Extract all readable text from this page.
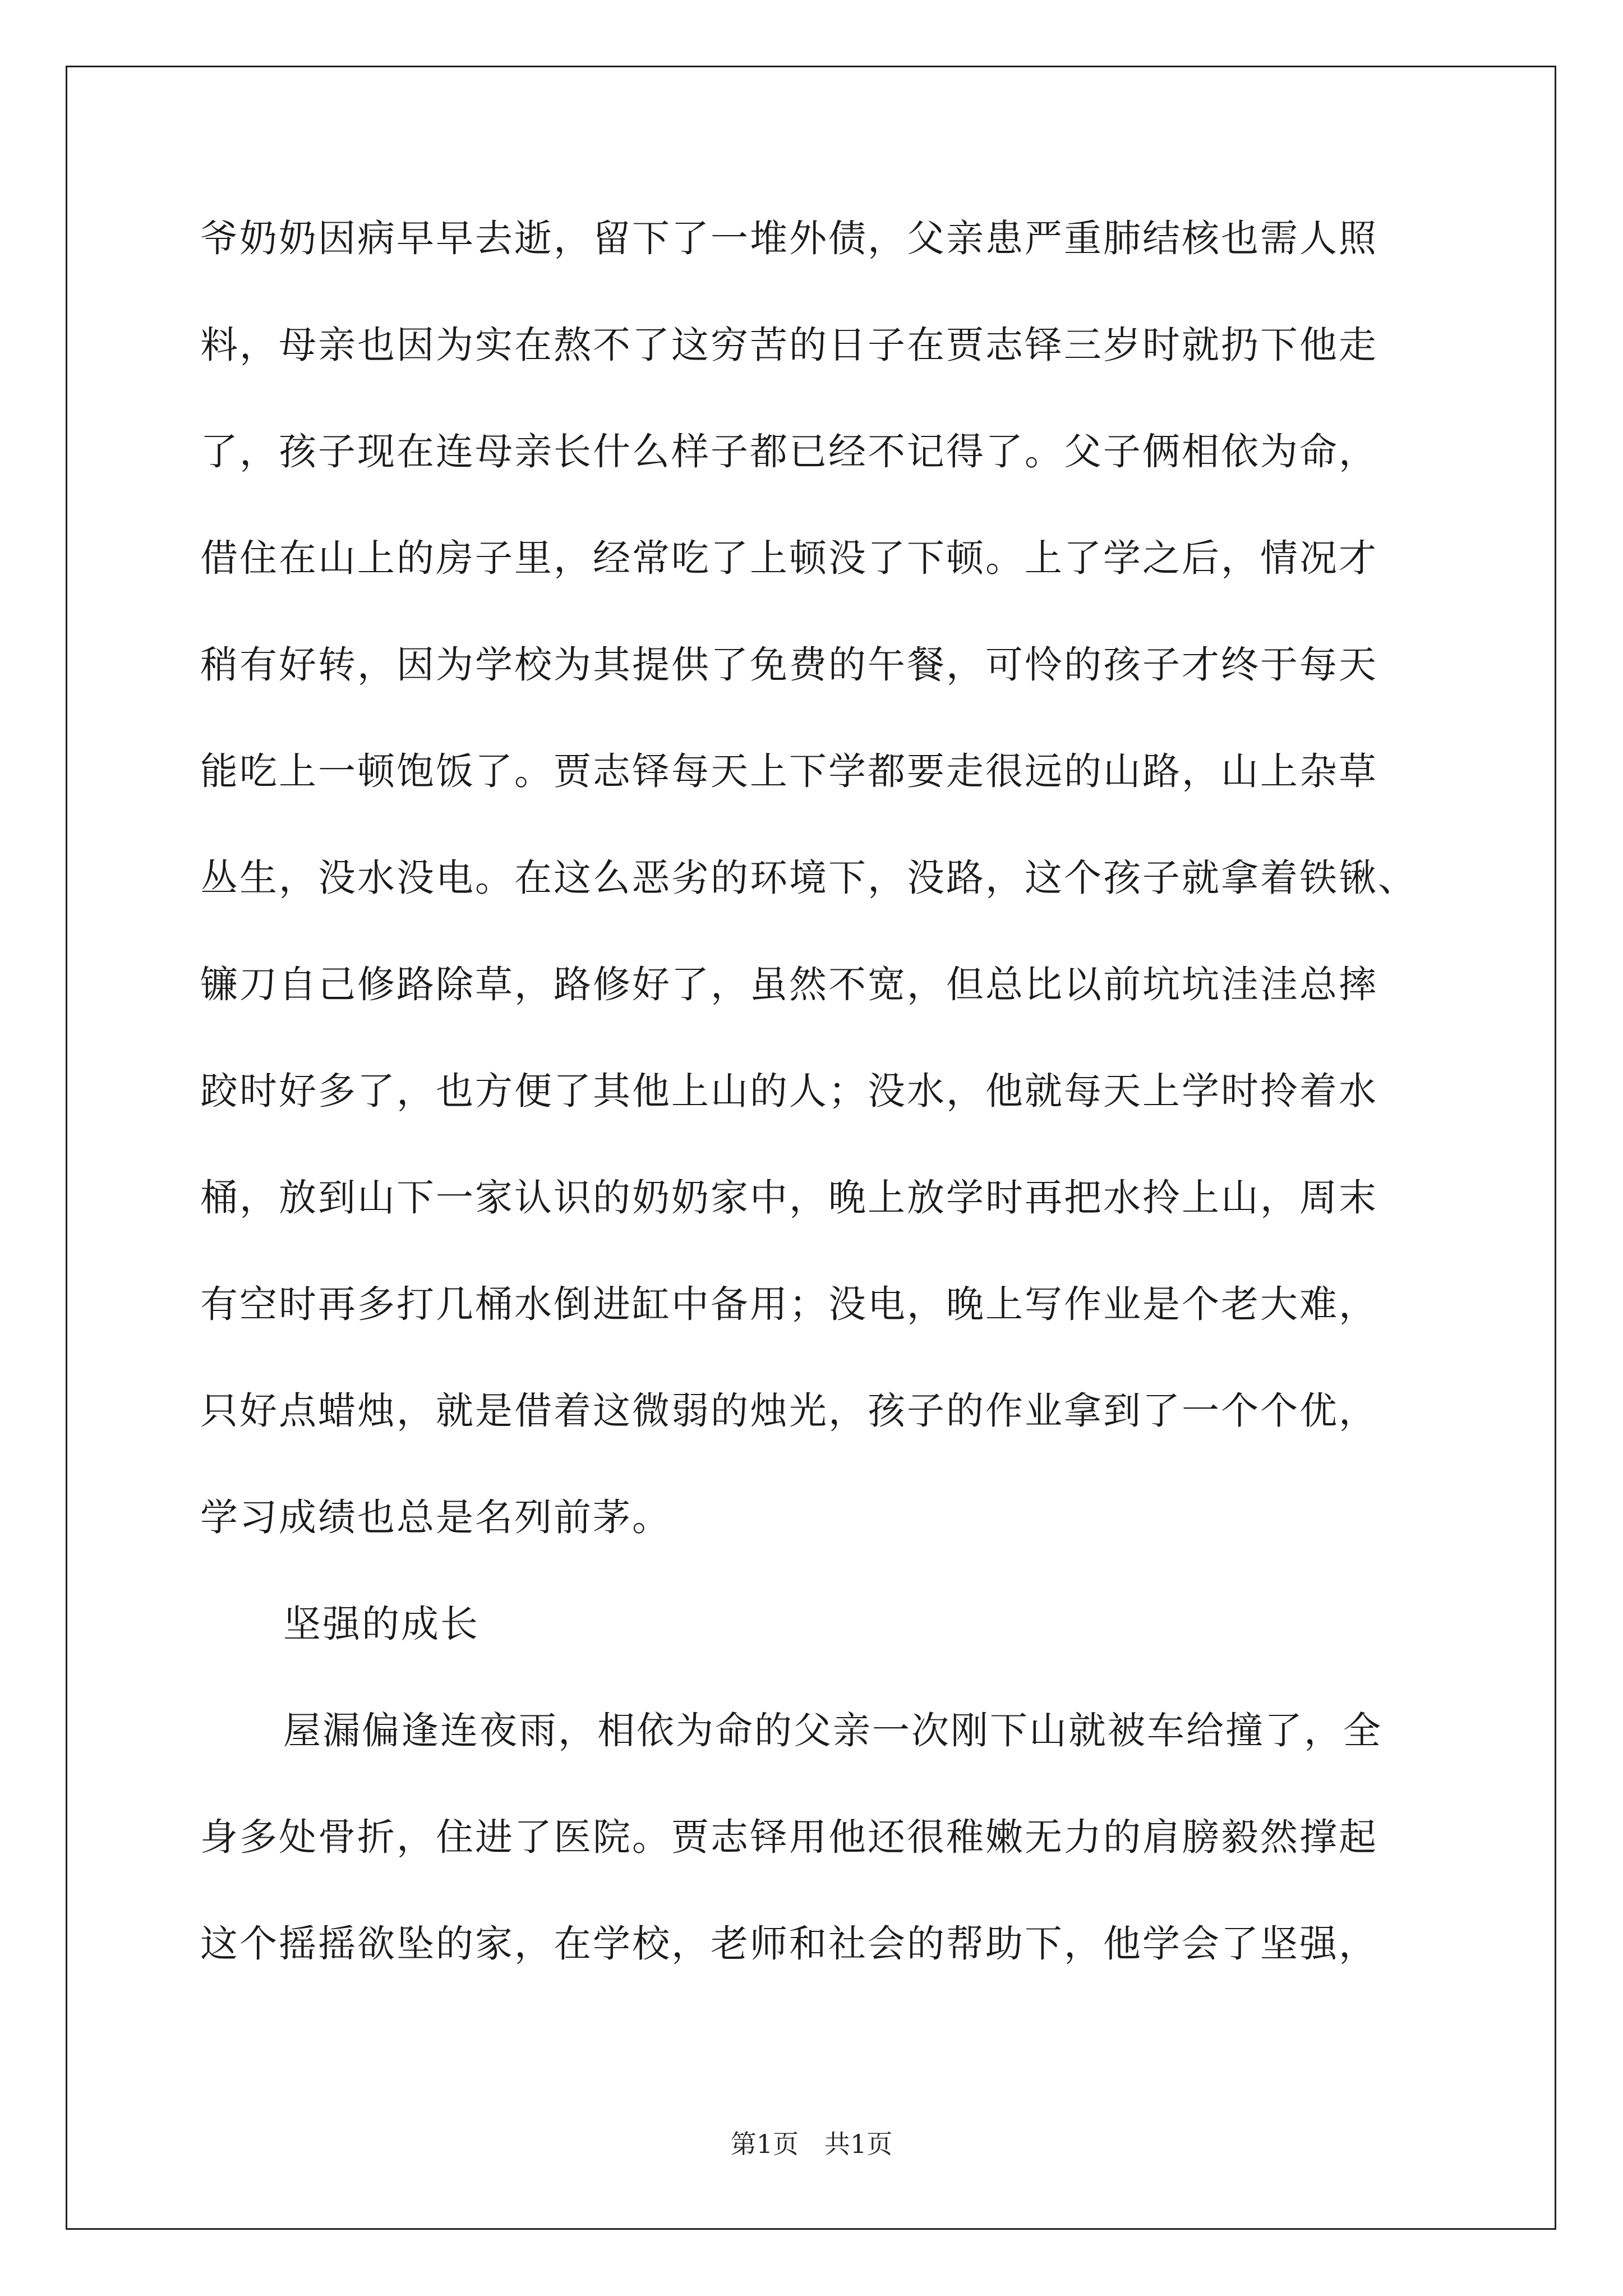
爷奶奶因病早早去逝，留下了一堆外债，父亲患严重肺结核也需人照
料，母亲也因为实在熬不了这穷苦的日子在贾志铎三岁时就扔下他走
了，孩子现在连母亲长什么样子都已经不记得了。父子俩相依为命，
借住在山上的房子里，经常吃了上顿没了下顿。上了学之后，情况才
稍有好转，因为学校为其提供了免费的午餐，可怜的孩子才终于每天
能吃上一顿饱饭了。贾志铎每天上下学都要走很远的山路，山上杂草
丛生，没水没电。在这么恶劣的环境下，没路，这个孩子就拿着铁锹、
镰刀自己修路除草，路修好了，虽然不宽，但总比以前坑坑洼洼总摔
跤时好多了，也方便了其他上山的人；没水，他就每天上学时拎着水
桶，放到山下一家认识的奶奶家中，晚上放学时再把水拎上山，周末
有空时再多打几桶水倒进缸中备用；没电，晚上写作业是个老大难，
只好点蜡烛，就是借着这微弱的烛光，孩子的作业拿到了一个个优，
学习成绩也总是名列前茅。
坚强的成长
屋漏偏逢连夜雨，相依为命的父亲一次刚下山就被车给撞了，全
身多处骨折，住进了医院。贾志铎用他还很稚嫩无力的肩膀毅然撑起
这个摇摇欲坠的家，在学校，老师和社会的帮助下，他学会了坚强，
第1页　共1页
